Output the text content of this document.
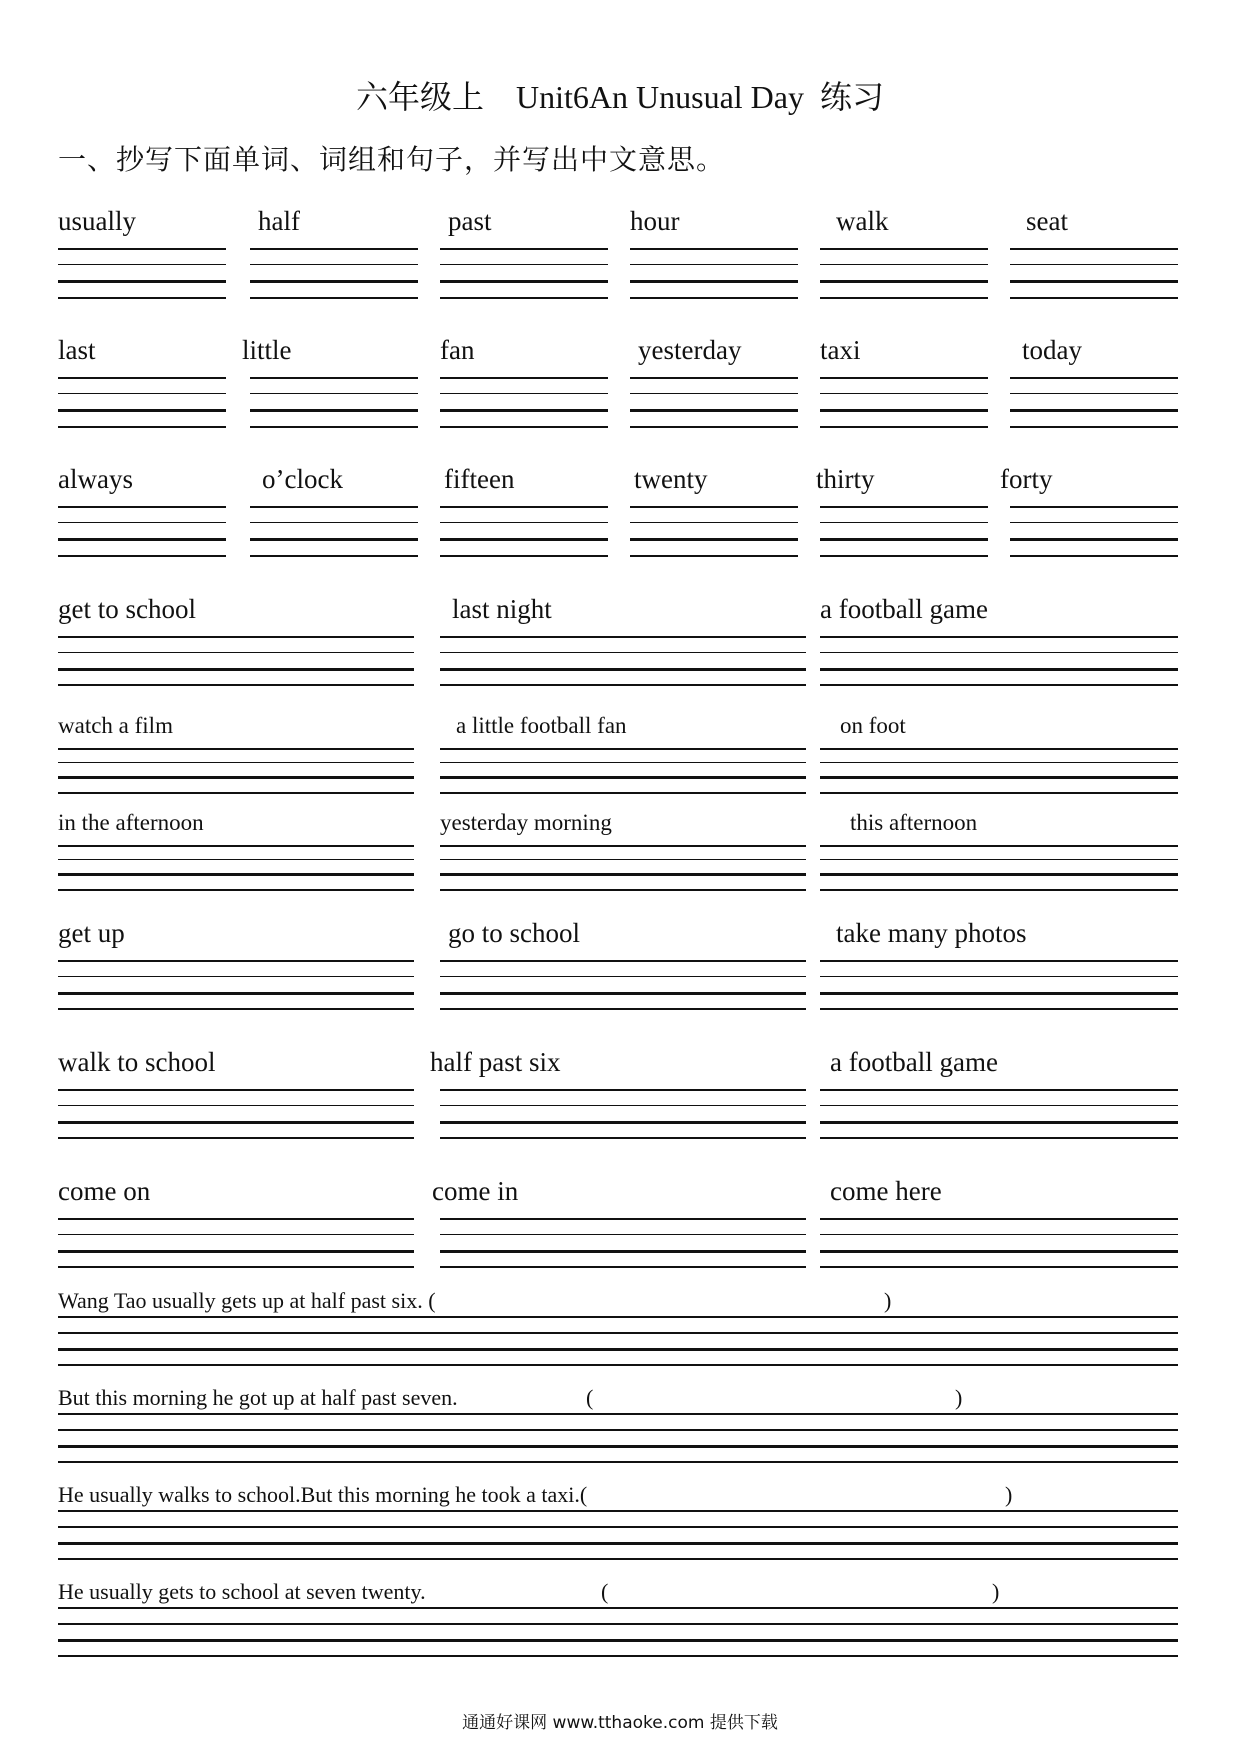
六年级上    Unit6An Unusual Day  练习
一、抄写下面单词、词组和句子，并写出中文意思。
usually	half	past	hour	walk	seat
last	little	fan	yesterday	taxi	today
always	o’clock	fifteen	twenty	thirty	forty
get to school	last night	a football game
watch a film	a little football fan	on foot
in the afternoon	yesterday morning	this afternoon
get up	go to school	take many photos
walk to school	half past six	a football game
come on	come in	come here
Wang Tao usually gets up at half past six. (	)
But this morning he got up at half past seven.	(	)
He usually walks to school.But this morning he took a taxi.(	)
He usually gets to school at seven twenty.	(	)
通通好课网 www.tthaoke.com 提供下载
